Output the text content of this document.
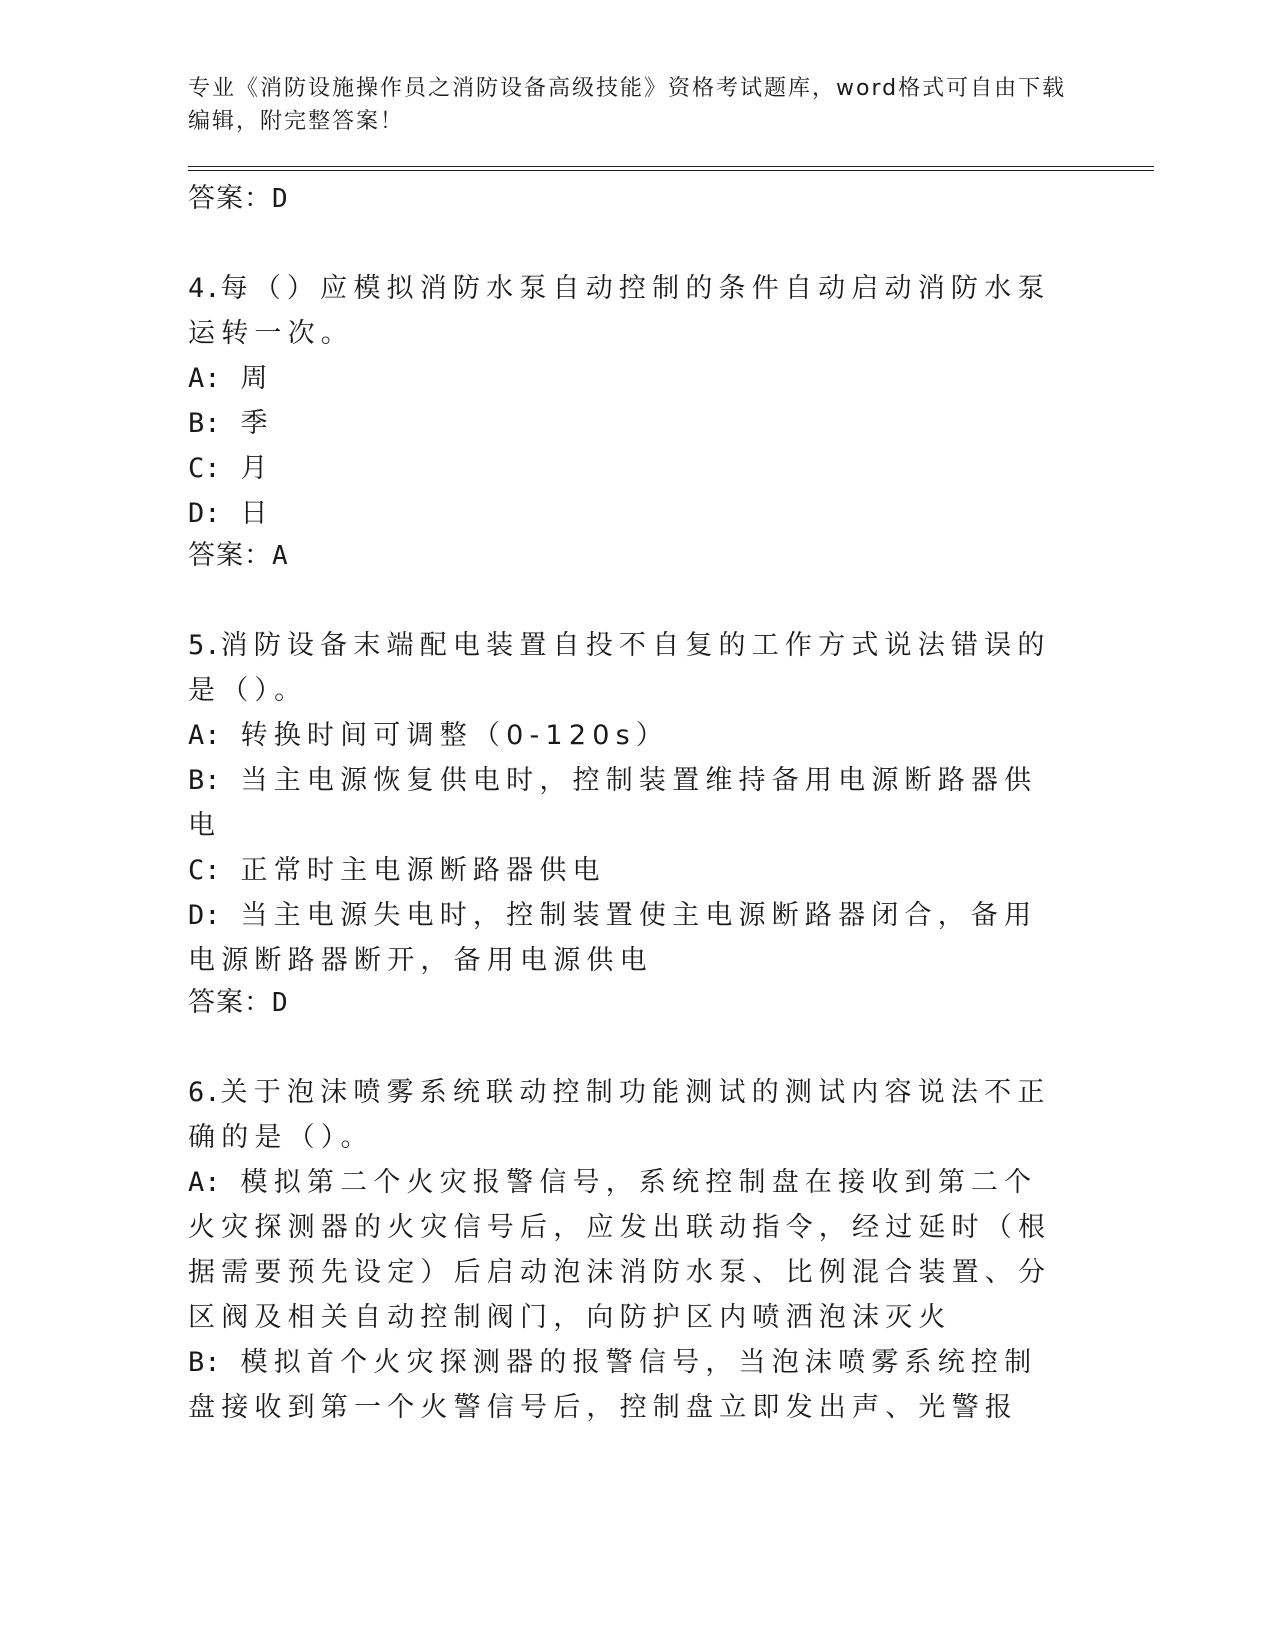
专业《消防设施操作员之消防设备高级技能》资格考试题库，word格式可自由下载编辑，附完整答案！
答案：D
4.每（）应模拟消防水泵自动控制的条件自动启动消防水泵运转一次。
A: 周
B: 季
C: 月
D: 日
答案：A
5.消防设备末端配电装置自投不自复的工作方式说法错误的是（）。
A: 转换时间可调整（0-120s）
B: 当主电源恢复供电时，控制装置维持备用电源断路器供电
C: 正常时主电源断路器供电
D: 当主电源失电时，控制装置使主电源断路器闭合，备用电源断路器断开，备用电源供电
答案：D
6.关于泡沫喷雾系统联动控制功能测试的测试内容说法不正确的是（）。
A: 模拟第二个火灾报警信号，系统控制盘在接收到第二个火灾探测器的火灾信号后，应发出联动指令，经过延时（根据需要预先设定）后启动泡沫消防水泵、比例混合装置、分区阀及相关自动控制阀门，向防护区内喷洒泡沫灭火
B: 模拟首个火灾探测器的报警信号，当泡沫喷雾系统控制盘接收到第一个火警信号后，控制盘立即发出声、光警报
